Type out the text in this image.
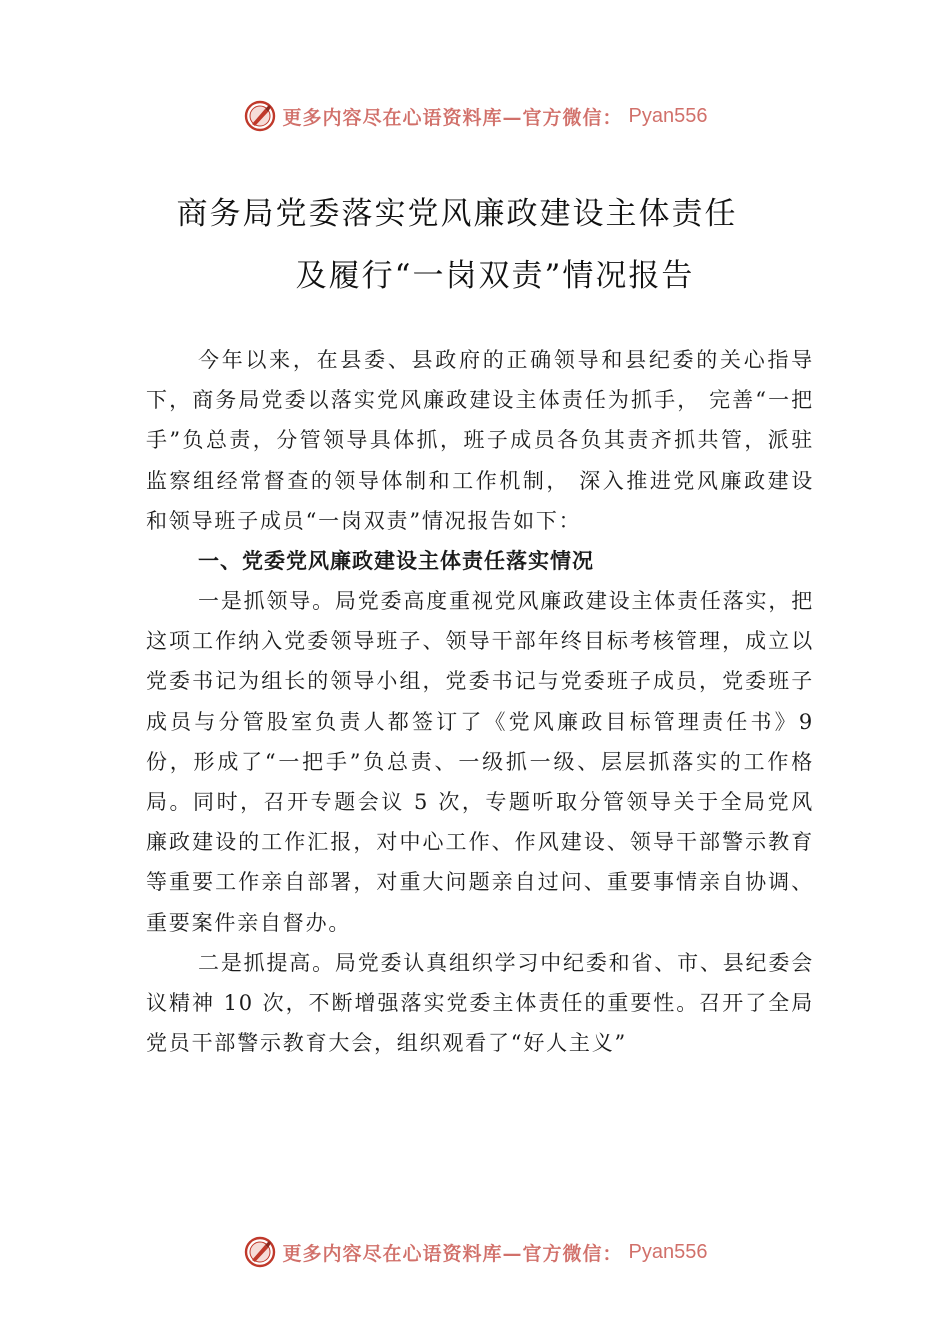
更多内容尽在心语资料库—官方微信： Pyan556
商务局党委落实党风廉政建设主体责任
及履行“一岗双责”情况报告

今年以来，在县委、县政府的正确领导和县纪委的关心指导下，商务局党委以落实党风廉政建设主体责任为抓手， 完善“一把手”负总责，分管领导具体抓，班子成员各负其责齐抓共管，派驻监察组经常督查的领导体制和工作机制， 深入推进党风廉政建设和领导班子成员“一岗双责”情况报告如下：

一、党委党风廉政建设主体责任落实情况

一是抓领导。局党委高度重视党风廉政建设主体责任落实，把这项工作纳入党委领导班子、领导干部年终目标考核管理，成立以党委书记为组长的领导小组，党委书记与党委班子成员，党委班子成员与分管股室负责人都签订了《党风廉政目标管理责任书》9 份，形成了“一把手”负总责、一级抓一级、层层抓落实的工作格局。同时，召开专题会议 5 次，专题听取分管领导关于全局党风廉政建设的工作汇报，对中心工作、作风建设、领导干部警示教育等重要工作亲自部署，对重大问题亲自过问、重要事情亲自协调、重要案件亲自督办。

二是抓提高。局党委认真组织学习中纪委和省、市、县纪委会议精神 10 次，不断增强落实党委主体责任的重要性。召开了全局党员干部警示教育大会，组织观看了“好人主义”

更多内容尽在心语资料库—官方微信： Pyan556
